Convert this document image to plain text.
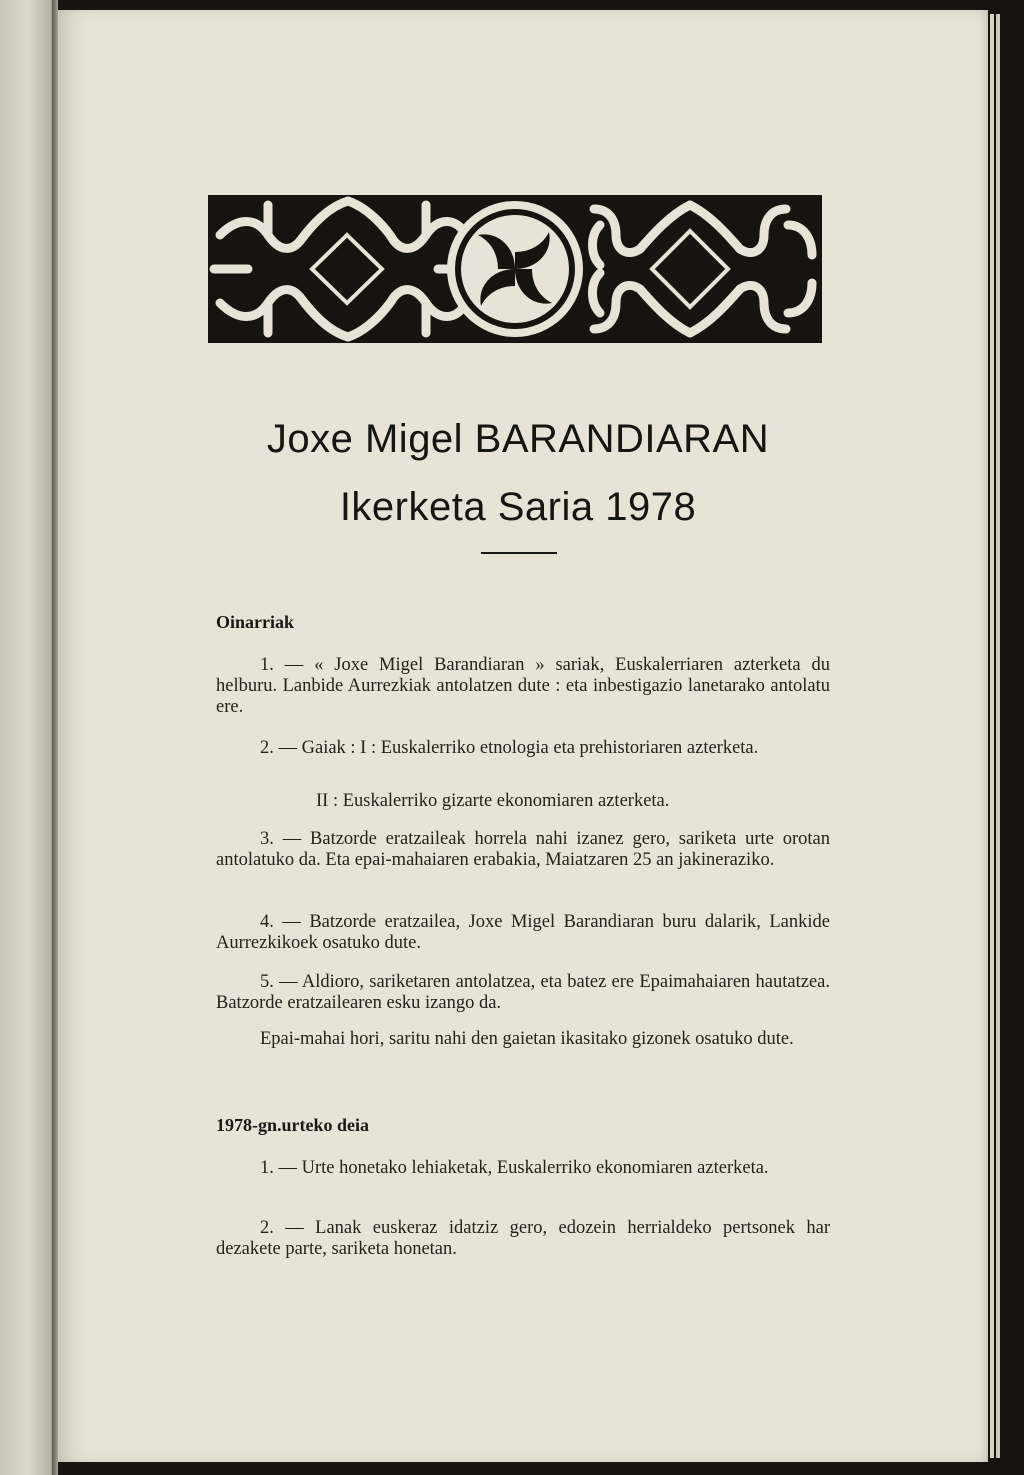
Joxe Migel BARANDIARAN
Ikerketa Saria 1978
Oinarriak

1. — « Joxe Migel Barandiaran » sariak, Euskalerriaren azterketa du helburu. Lanbide Aurrezkiak antolatzen dute : eta inbestigazio lanetarako antolatu ere.

2. — Gaiak : I : Euskalerriko etnologia eta prehistoriaren azterketa.

II : Euskalerriko gizarte ekonomiaren azterketa.

3. — Batzorde eratzaileak horrela nahi izanez gero, sariketa urte orotan antolatuko da. Eta epai-mahaiaren erabakia, Maiatzaren 25 an jakineraziko.

4. — Batzorde eratzailea, Joxe Migel Barandiaran buru dalarik, Lankide Aurrezkikoek osatuko dute.

5. — Aldioro, sariketaren antolatzea, eta batez ere Epaimahaiaren hautatzea. Batzorde eratzailearen esku izango da.

Epai-mahai hori, saritu nahi den gaietan ikasitako gizonek osatuko dute.

1978-gn.urteko deia

1. — Urte honetako lehiaketak, Euskalerriko ekonomiaren azterketa.

2. — Lanak euskeraz idatziz gero, edozein herrialdeko pertsonek har dezakete parte, sariketa honetan.
